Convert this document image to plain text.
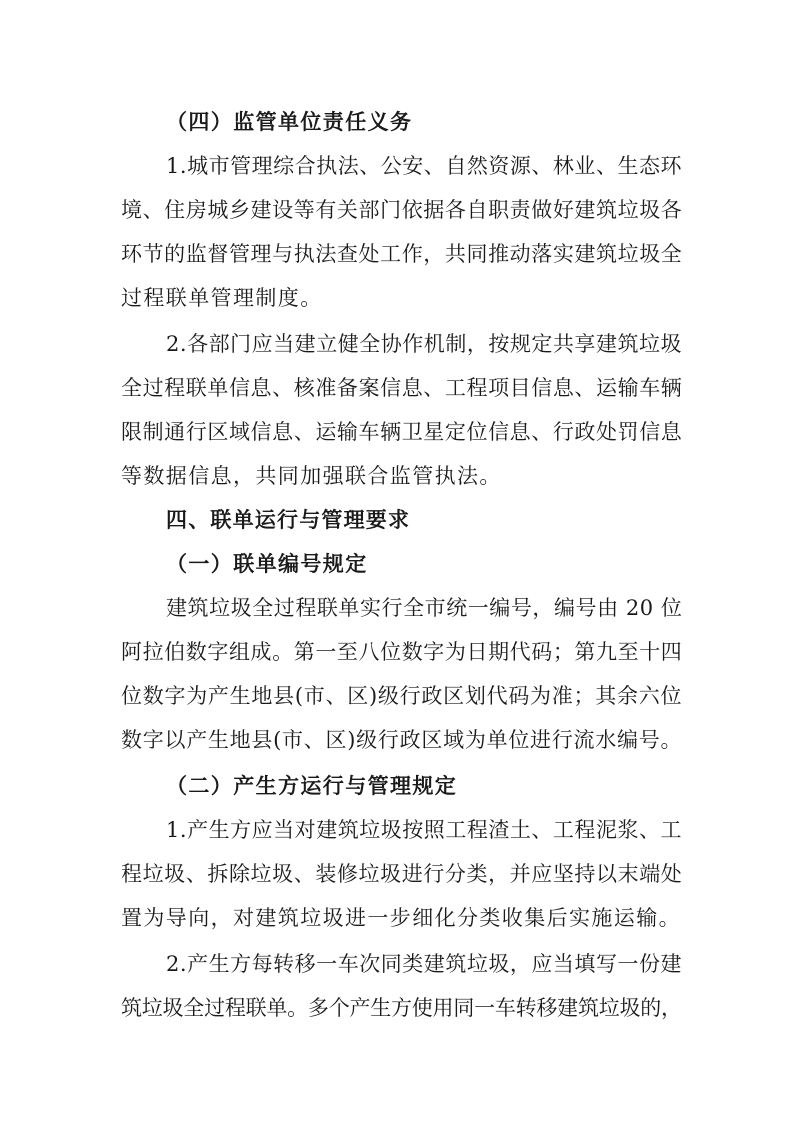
（四）监管单位责任义务
1.城市管理综合执法、公安、自然资源、林业、生态环
境、住房城乡建设等有关部门依据各自职责做好建筑垃圾各
环节的监督管理与执法查处工作，共同推动落实建筑垃圾全
过程联单管理制度。
2.各部门应当建立健全协作机制，按规定共享建筑垃圾
全过程联单信息、核准备案信息、工程项目信息、运输车辆
限制通行区域信息、运输车辆卫星定位信息、行政处罚信息
等数据信息，共同加强联合监管执法。
四、联单运行与管理要求
（一）联单编号规定
建筑垃圾全过程联单实行全市统一编号，编号由 20 位
阿拉伯数字组成。第一至八位数字为日期代码；第九至十四
位数字为产生地县(市、区)级行政区划代码为准；其余六位
数字以产生地县(市、区)级行政区域为单位进行流水编号。
（二）产生方运行与管理规定
1.产生方应当对建筑垃圾按照工程渣土、工程泥浆、工
程垃圾、拆除垃圾、装修垃圾进行分类，并应坚持以末端处
置为导向，对建筑垃圾进一步细化分类收集后实施运输。
2.产生方每转移一车次同类建筑垃圾，应当填写一份建
筑垃圾全过程联单。多个产生方使用同一车转移建筑垃圾的，
